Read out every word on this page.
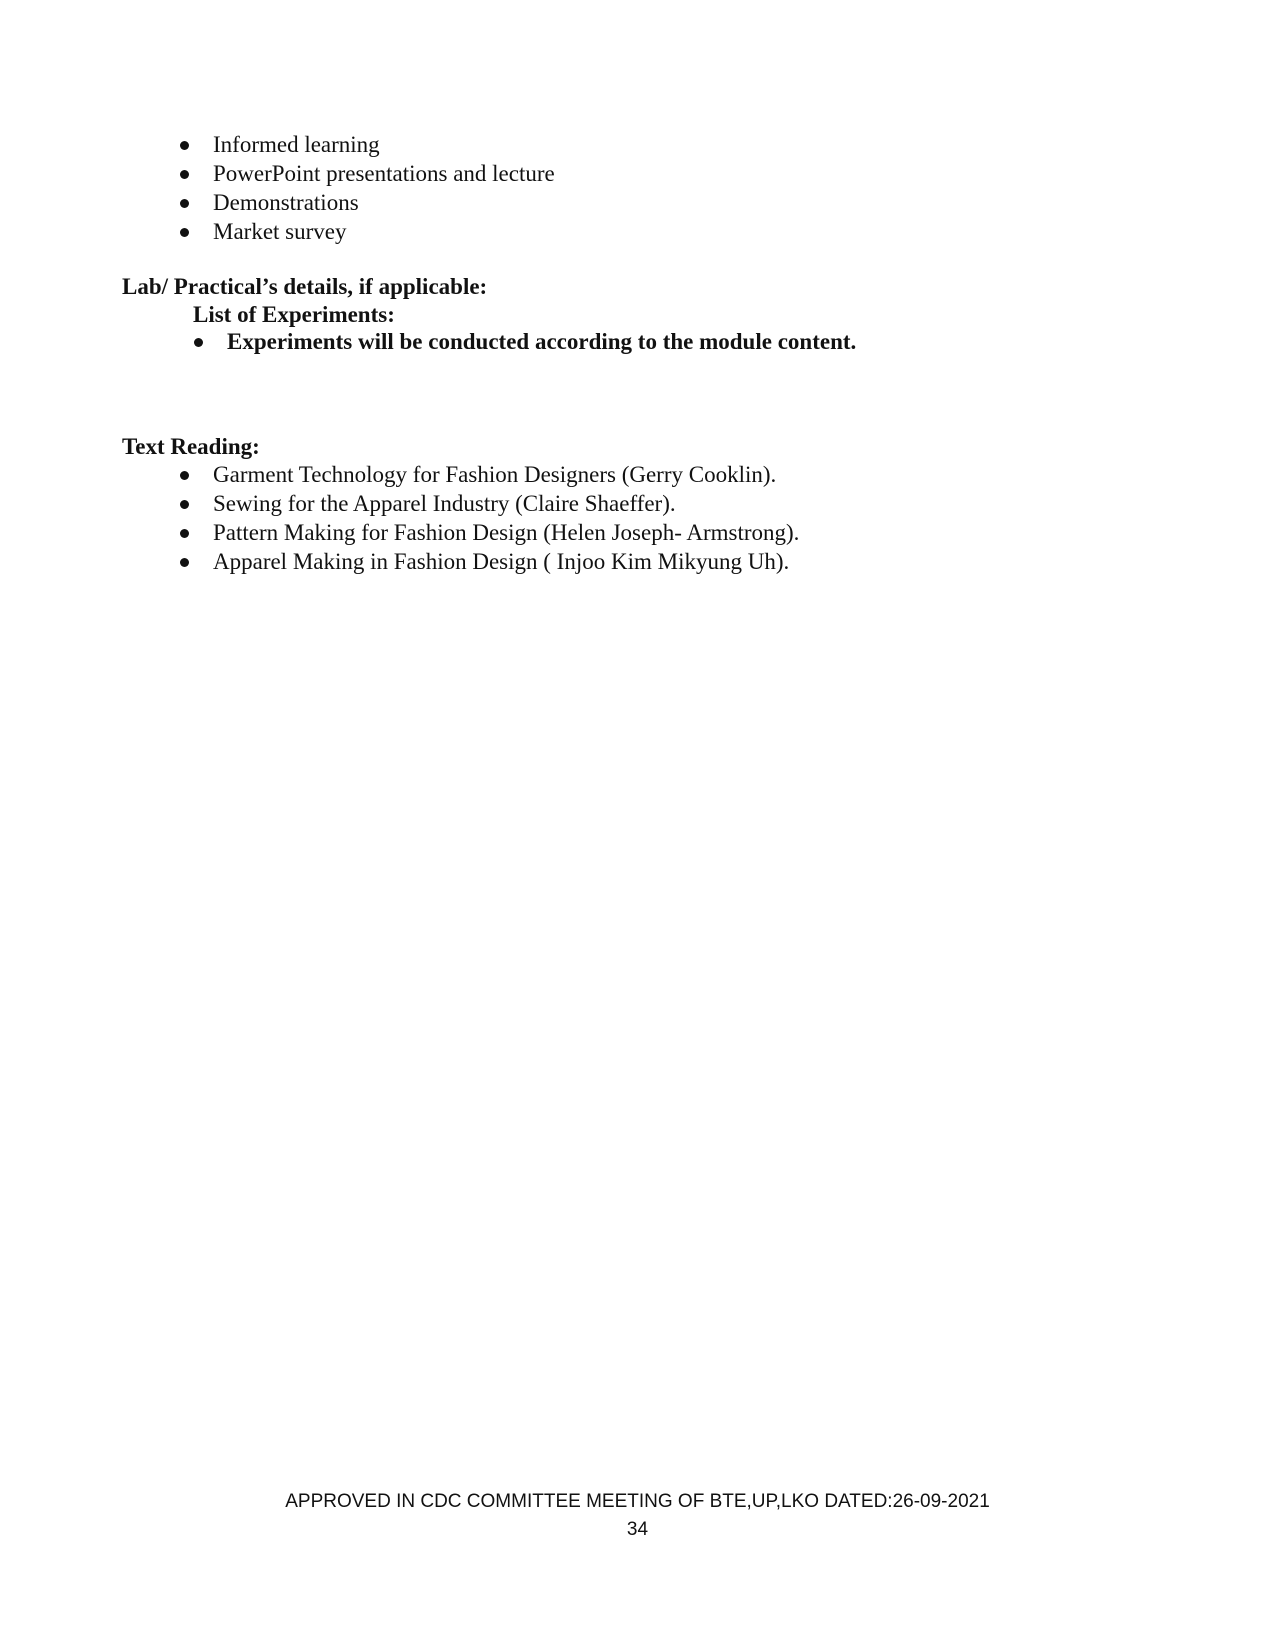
Informed learning
PowerPoint presentations and lecture
Demonstrations
Market survey
Lab/ Practical’s details, if applicable:
List of Experiments:
Experiments will be conducted according to the module content.
Text Reading:
Garment Technology for Fashion Designers (Gerry Cooklin).
Sewing for the Apparel Industry (Claire Shaeffer).
Pattern Making for Fashion Design (Helen Joseph- Armstrong).
Apparel Making in Fashion Design ( Injoo Kim Mikyung Uh).
APPROVED IN CDC COMMITTEE MEETING OF BTE,UP,LKO DATED:26-09-2021
34
